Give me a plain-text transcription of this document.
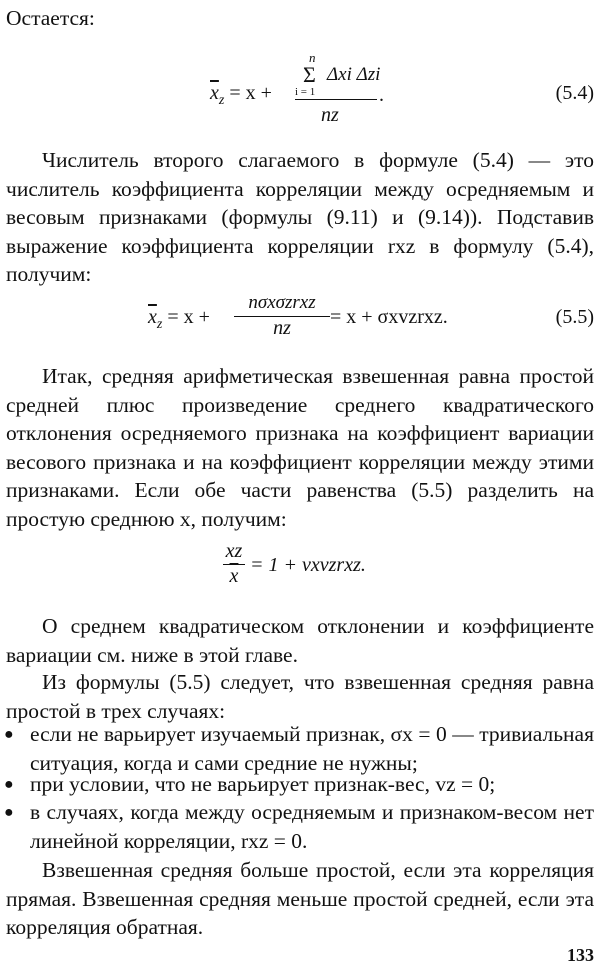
Остается:

$\overline{x}_z = x$ +
n
Σ Δxi Δzi
i = 1
nz
.	(5.4)

Числитель второго слагаемого в формуле (5.4) — это числитель коэффициента корреляции между осредняемым и весовым признаками (формулы (9.11) и (9.14)). Подставив выражение коэффициента корреляции rxz в формулу (5.4), получим:

$\overline{x}_z = x$ +
nσxσzrxz
nz	= x + σxvzrxz.	(5.5)

Итак, средняя арифметическая взвешенная равна простой средней плюс произведение среднего квадратического отклонения осредняемого признака на коэффициент вариации весового признака и на коэффициент корреляции между этими признаками. Если обе части равенства (5.5) разделить на простую среднюю x, получим:

$\frac{xz}{x} = 1$ + vxvzrxz.

О среднем квадратическом отклонении и коэффициенте вариации см. ниже в этой главе.

Из формулы (5.5) следует, что взвешенная средняя равна простой в трех случаях:

● если не варьирует изучаемый признак, σx = 0 — тривиальная ситуация, когда и сами средние не нужны;

● при условии, что не варьирует признак-вес, vz = 0;

● в случаях, когда между осредняемым и признаком-весом нет линейной корреляции, rxz = 0.

Взвешенная средняя больше простой, если эта корреляция прямая. Взвешенная средняя меньше простой средней, если эта корреляция обратная.

133
